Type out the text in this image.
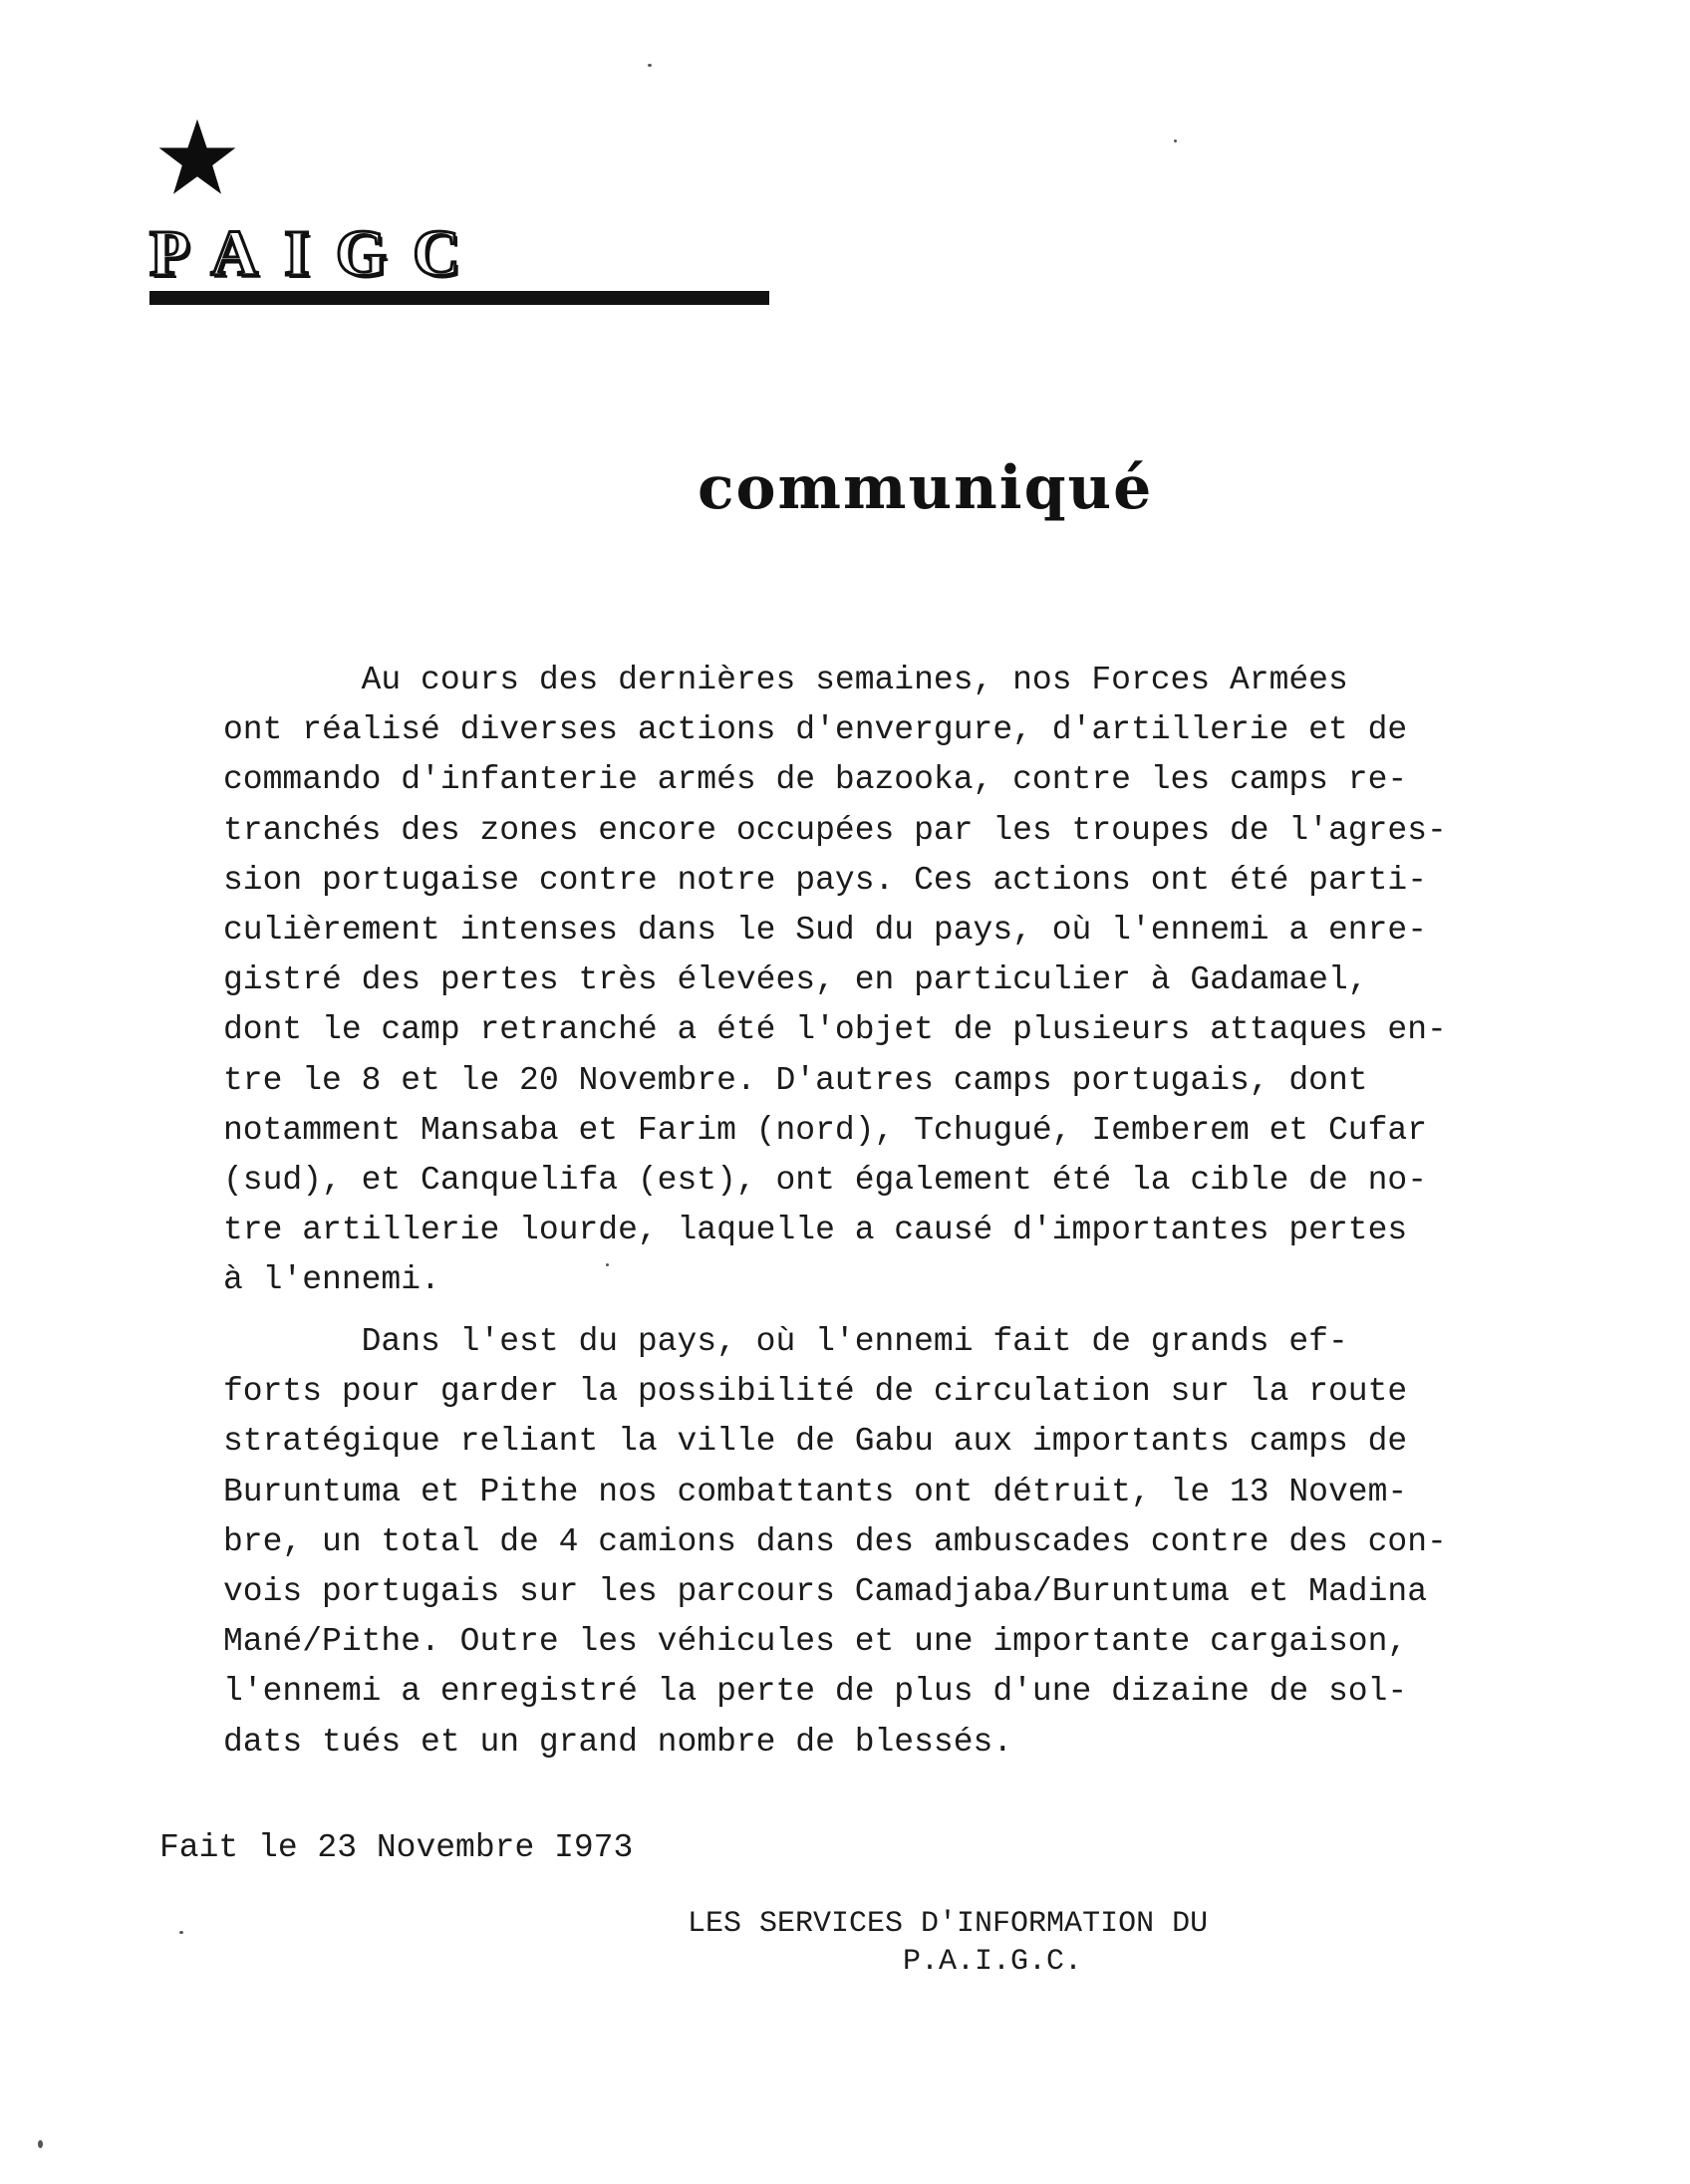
PAIGC
communiqué
Au cours des dernières semaines, nos Forces Armées
ont réalisé diverses actions d'envergure, d'artillerie et de
commando d'infanterie armés de bazooka, contre les camps re-
tranchés des zones encore occupées par les troupes de l'agres-
sion portugaise contre notre pays. Ces actions ont été parti-
culièrement intenses dans le Sud du pays, où l'ennemi a enre-
gistré des pertes très élevées, en particulier à Gadamael,
dont le camp retranché a été l'objet de plusieurs attaques en-
tre le 8 et le 20 Novembre. D'autres camps portugais, dont
notamment Mansaba et Farim (nord), Tchugué, Iemberem et Cufar
(sud), et Canquelifa (est), ont également été la cible de no-
tre artillerie lourde, laquelle a causé d'importantes pertes
à l'ennemi.
Dans l'est du pays, où l'ennemi fait de grands ef-
forts pour garder la possibilité de circulation sur la route
stratégique reliant la ville de Gabu aux importants camps de
Buruntuma et Pithe nos combattants ont détruit, le 13 Novem-
bre, un total de 4 camions dans des ambuscades contre des con-
vois portugais sur les parcours Camadjaba/Buruntuma et Madina
Mané/Pithe. Outre les véhicules et une importante cargaison,
l'ennemi a enregistré la perte de plus d'une dizaine de sol-
dats tués et un grand nombre de blessés.
Fait le 23 Novembre I973
LES SERVICES D'INFORMATION DU
P.A.I.G.C.
